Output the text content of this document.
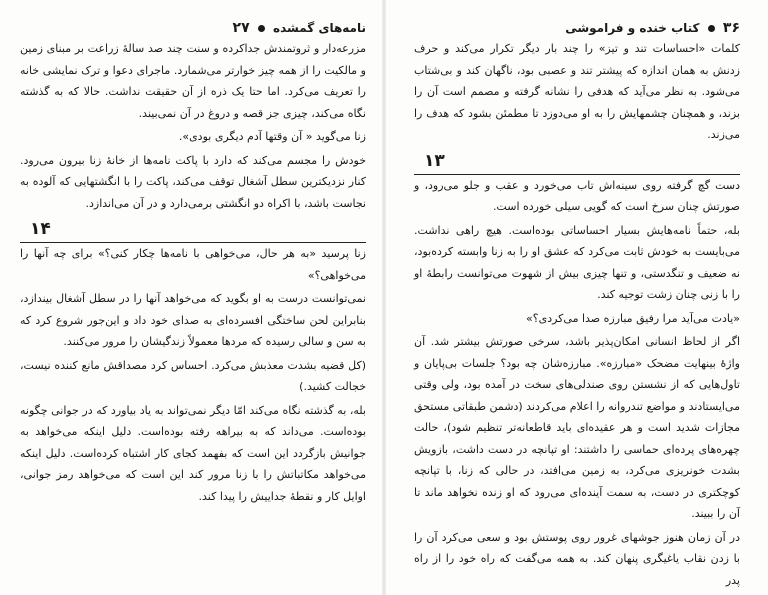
نامه‌های گمشده  ۲۷

مزرعه‌دار و ثروتمندش جداکرده و سنت چند صد سالهٔ زراعت بر مبنای زمین و مالکیت را از همه چیز خوارتر می‌شمارد. ماجرای دعوا و ترک نمایشی خانه را تعریف می‌کرد. اما حتا یک ذره از آن حقیقت نداشت. حالا که به گذشته نگاه می‌کند، چیزی جز قصه و دروغ در آن نمی‌بیند.

زنا می‌گوید « آن وقتها آدم دیگری بودی».

خودش را مجسم می‌کند که دارد با پاکت نامه‌ها از خانهٔ زنا بیرون می‌رود. کنار نزدیکترین سطل آشغال توقف می‌کند، پاکت را با انگشتهایی که آلوده به نجاست باشد، با اکراه دو انگشتی برمی‌دارد و در آن می‌اندازد.

۱۴

زنا پرسید «به هر حال، می‌خواهی با نامه‌ها چکار کنی؟» برای چه آنها را می‌خواهی؟»

نمی‌توانست درست به او بگوید که می‌خواهد آنها را در سطل آشغال بیندازد، بنابراین لحن ساختگی افسرده‌ای به صدای خود داد و این‌جور شروع کرد که به سن و سالی رسیده که مردها معمولاً زندگیشان را مرور می‌کنند.

(کل قضیه بشدت معذبش می‌کرد. احساس کرد مصداقش مانع کننده نیست، خجالت کشید.)

بله، به گذشته نگاه می‌کند امّا دیگر نمی‌تواند به یاد بیاورد که در جوانی چگونه بوده‌است. می‌داند که به بیراهه رفته بوده‌است. دلیل اینکه می‌خواهد به جوانیش بازگردد این است که بفهمد کجای کار اشتباه کرده‌است. دلیل اینکه می‌خواهد مکاتباتش را با زنا مرور کند این است که می‌خواهد رمز جوانی، اوایل کار و نقطهٔ جداییش را پیدا کند.

۳۶  کتاب خنده و فراموشی

کلمات «احساسات تند و تیز» را چند بار دیگر تکرار می‌کند و حرف زدنش به همان اندازه که پیشتر تند و عصبی بود، ناگهان کند و بی‌شتاب می‌شود. به نظر می‌آید که هدفی را نشانه گرفته و مصمم است آن را بزند، و همچنان چشمهایش را به او می‌دوزد تا مطمئن بشود که هدف را می‌زند.

۱۳

دست گچ گرفته روی سینه‌اش تاب می‌خورد و عقب و جلو می‌رود، و صورتش چنان سرخ است که گویی سیلی خورده است.

بله، حتماً نامه‌هایش بسیار احساساتی بوده‌است. هیچ راهی نداشت. می‌بایست به خودش ثابت می‌کرد که عشق او را به زنا وابسته کرده‌بود، نه ضعیف و تنگدستی، و تنها چیزی بیش از شهوت می‌توانست رابطهٔ او را با زنی چنان زشت توجیه کند.

«یادت می‌آید مرا رفیق مبارزه صدا می‌کردی؟»

اگر از لحاظ انسانی امکان‌پذیر باشد، سرخی صورتش بیشتر شد. آن واژهٔ بینهایت مضحک «مبارزه». مبارزه‌شان چه بود؟ جلسات بی‌پایان و تاول‌هایی که از نشستن روی صندلی‌های سخت در آمده بود، ولی وقتی می‌ایستادند و مواضع تندروانه را اعلام می‌کردند (دشمن طبقاتی مستحق مجازات شدید است و هر عقیده‌ای باید قاطعانه‌تر تنظیم شود)، حالت چهره‌های پرده‌ای حماسی را داشتند: او تپانچه در دست داشت، بازویش بشدت خونریزی می‌کرد، به زمین می‌افتد، در حالی که زنا، با تپانچه کوچکتری در دست، به سمت آینده‌ای می‌رود که او زنده نخواهد ماند تا آن را ببیند.

در آن زمان هنوز جوشهای غرور روی پوستش بود و سعی می‌کرد آن را با زدن نقاب یاغیگری پنهان کند. به همه می‌گفت که راه خود را از راه پدر
